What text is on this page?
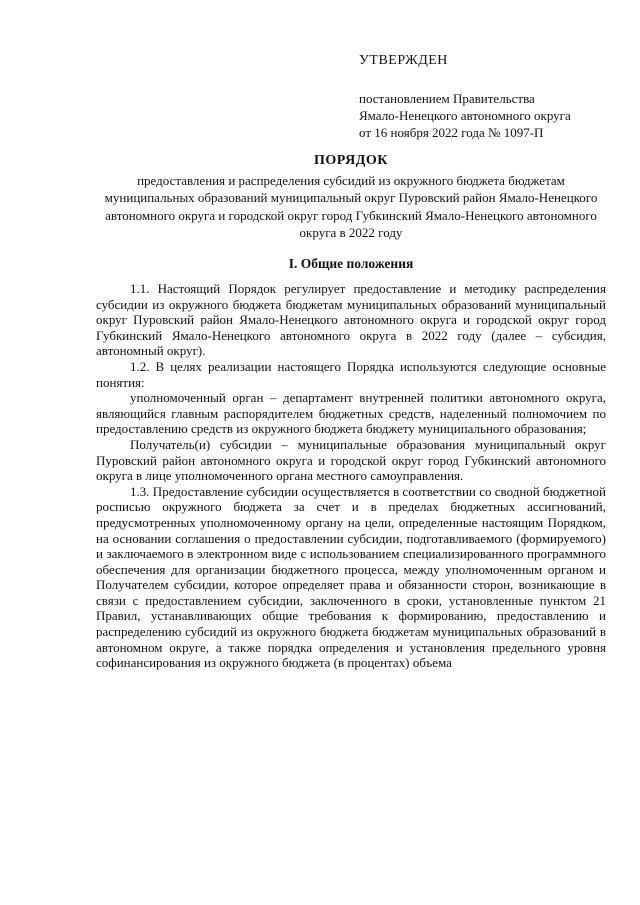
УТВЕРЖДЕН
постановлением Правительства
Ямало-Ненецкого автономного округа
от 16 ноября 2022 года № 1097-П
ПОРЯДОК
предоставления и распределения субсидий из окружного бюджета бюджетам муниципальных образований муниципальный округ Пуровский район Ямало-Ненецкого автономного округа и городской округ город Губкинский Ямало-Ненецкого автономного округа в 2022 году
I. Общие положения

1.1. Настоящий Порядок регулирует предоставление и методику распределения субсидии из окружного бюджета бюджетам муниципальных образований муниципальный округ Пуровский район Ямало-Ненецкого автономного округа и городской округ город Губкинский Ямало-Ненецкого автономного округа в 2022 году (далее – субсидия, автономный округ).

1.2. В целях реализации настоящего Порядка используются следующие основные понятия:

уполномоченный орган – департамент внутренней политики автономного округа, являющийся главным распорядителем бюджетных средств, наделенный полномочием по предоставлению средств из окружного бюджета бюджету муниципального образования;

Получатель(и) субсидии – муниципальные образования муниципальный округ Пуровский район автономного округа и городской округ город Губкинский автономного округа в лице уполномоченного органа местного самоуправления.

1.3. Предоставление субсидии осуществляется в соответствии со сводной бюджетной росписью окружного бюджета за счет и в пределах бюджетных ассигнований, предусмотренных уполномоченному органу на цели, определенные настоящим Порядком, на основании соглашения о предоставлении субсидии, подготавливаемого (формируемого) и заключаемого в электронном виде с использованием специализированного программного обеспечения для организации бюджетного процесса, между уполномоченным органом и Получателем субсидии, которое определяет права и обязанности сторон, возникающие в связи с предоставлением субсидии, заключенного в сроки, установленные пунктом 21 Правил, устанавливающих общие требования к формированию, предоставлению и распределению субсидий из окружного бюджета бюджетам муниципальных образований в автономном округе, а также порядка определения и установления предельного уровня софинансирования из окружного бюджета (в процентах) объема
